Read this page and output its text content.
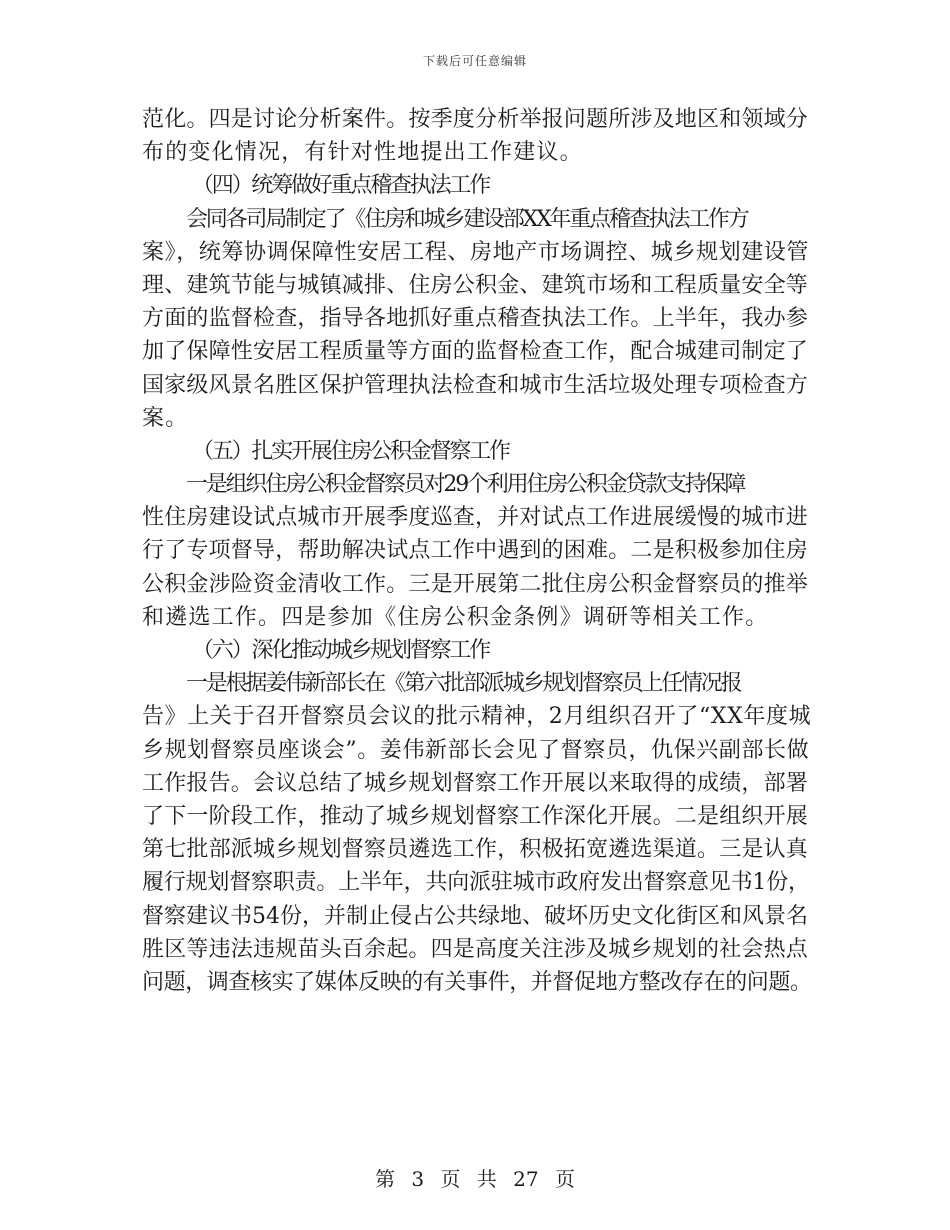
下载后可任意编辑
范化。四是讨论分析案件。按季度分析举报问题所涉及地区和领域分
布的变化情况，有针对性地提出工作建议。
（四）统筹做好重点稽查执法工作
会同各司局制定了《住房和城乡建设部XX年重点稽查执法工作方
案》，统筹协调保障性安居工程、房地产市场调控、城乡规划建设管
理、建筑节能与城镇减排、住房公积金、建筑市场和工程质量安全等
方面的监督检查，指导各地抓好重点稽查执法工作。上半年，我办参
加了保障性安居工程质量等方面的监督检查工作，配合城建司制定了
国家级风景名胜区保护管理执法检查和城市生活垃圾处理专项检查方
案。
（五）扎实开展住房公积金督察工作
一是组织住房公积金督察员对29个利用住房公积金贷款支持保障
性住房建设试点城市开展季度巡查，并对试点工作进展缓慢的城市进
行了专项督导，帮助解决试点工作中遇到的困难。二是积极参加住房
公积金涉险资金清收工作。三是开展第二批住房公积金督察员的推举
和遴选工作。四是参加《住房公积金条例》调研等相关工作。
（六）深化推动城乡规划督察工作
一是根据姜伟新部长在《第六批部派城乡规划督察员上任情况报
告》上关于召开督察员会议的批示精神，2月组织召开了“XX年度城
乡规划督察员座谈会”。姜伟新部长会见了督察员，仇保兴副部长做
工作报告。会议总结了城乡规划督察工作开展以来取得的成绩，部署
了下一阶段工作，推动了城乡规划督察工作深化开展。二是组织开展
第七批部派城乡规划督察员遴选工作，积极拓宽遴选渠道。三是认真
履行规划督察职责。上半年，共向派驻城市政府发出督察意见书1份，
督察建议书54份，并制止侵占公共绿地、破坏历史文化街区和风景名
胜区等违法违规苗头百余起。四是高度关注涉及城乡规划的社会热点
问题，调查核实了媒体反映的有关事件，并督促地方整改存在的问题。
第 3 页 共 27 页
